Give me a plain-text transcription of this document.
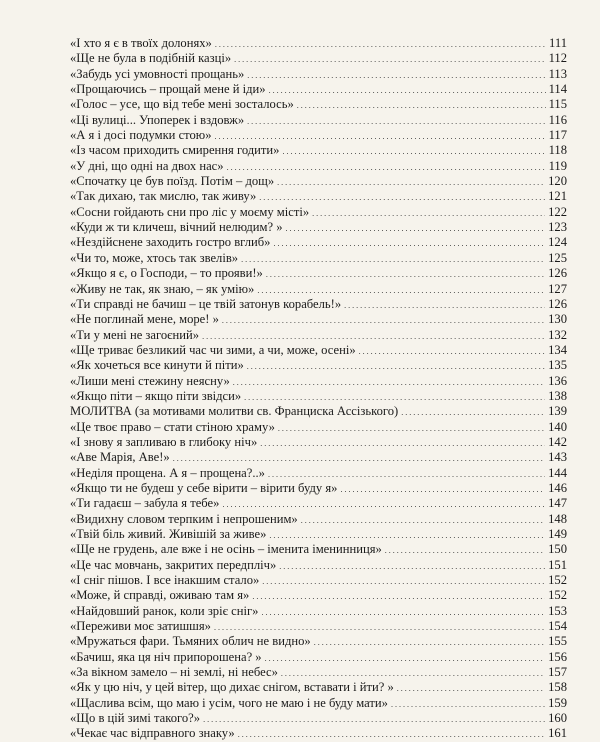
«І хто я є в твоїх долонях» . . .	111
«Ще не була в подібній казці» . . .	112
«Забудь усі умовності прощань» . . .	113
«Прощаючись – прощай мене й іди» . . .	114
«Голос – усе, що від тебе мені зосталось» . . .	115
«Ці вулиці... Упоперек і вздовж» . . .	116
«А я і досі подумки стою» . . .	117
«Із часом приходить смирення годити» . . .	118
«У дні, що одні на двох нас» . . .	119
«Спочатку це був поїзд. Потім – дощ» . . .	120
«Так дихаю, так мислю, так живу» . . .	121
«Сосни гойдають сни про ліс у моєму місті» . . .	122
«Куди ж ти кличеш, вічний нелюдим? » . . .	123
«Нездійсненe заходить гостро вглиб» . . .	124
«Чи то, може, хтось так звелів» . . .	125
«Якщо я є, о Господи, – то прояви!» . . .	126
«Живу не так, як знаю, – як умію» . . .	127
«Ти справді не бачиш – це твій затонув корабель!» . . .	126
«Не поглинай мене, море! » . . .	130
«Ти у мені не загоєний» . . .	132
«Ще триває безликий час чи зими, а чи, може, осені» . . .	134
«Як хочеться все кинути й піти» . . .	135
«Лиши мені стежину неясну» . . .	136
«Якщо піти – якщо піти звідси» . . .	138
МОЛИТВА (за мотивами молитви св. Франциска Ассізького) . . .	139
«Це твоє право – стати стіною храму» . . .	140
«І знову я запливаю в глибоку ніч» . . .	142
«Аве Марія, Аве!» . . .	143
«Неділя прощена. А я – прощена?..» . . .	144
«Якщо ти не будеш у себе вірити – вірити буду я» . . .	146
«Ти гадаєш – забула я тебе» . . .	147
«Видихну словом терпким і непрошеним» . . .	148
«Твій біль живий. Живішій за живе» . . .	149
«Ще не грудень, але вже і не осінь – іменита іменинниця» . . .	150
«Це час мовчань, закритих передпліч» . . .	151
«І сніг пішов. І все інакшим стало» . . .	152
«Може, й справді, оживаю там я» . . .	152
«Найдовший ранок, коли зріє сніг» . . .	153
«Переживи моє затишшя» . . .	154
«Мружаться фари. Тьмяних облич не видно» . . .	155
«Бачиш, яка ця ніч припорошена? » . . .	156
«За вікном замело – ні землі, ні небес» . . .	157
«Як у цю ніч, у цей вітер, що дихає снігом, вставати і йти? » . . .	158
«Щаслива всім, що маю і усім, чого не маю і не буду мати» . . .	159
«Що в цій зимі такого?» . . .	160
«Чекає час відправного знаку» . . .	161
